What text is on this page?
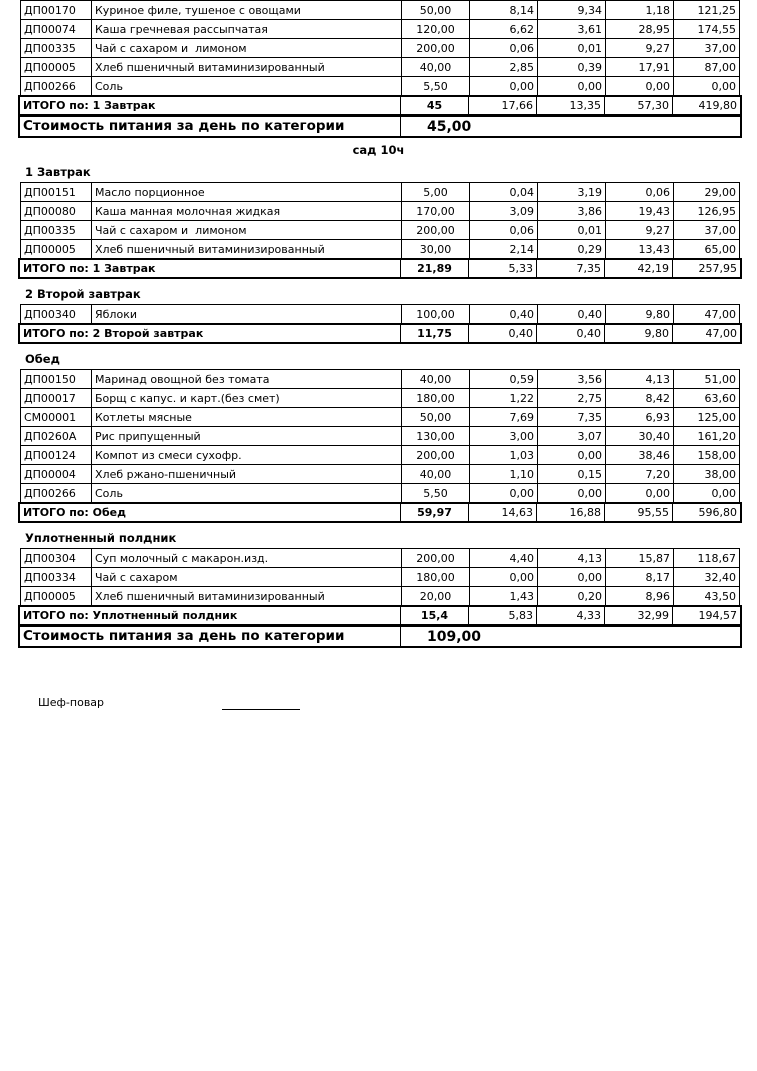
ДП00170	Куриное филе, тушеное с овощами	50,00	8,14	9,34	1,18	121,25
ДП00074	Каша гречневая рассыпчатая	120,00	6,62	3,61	28,95	174,55
ДП00335	Чай с сахаром и  лимоном	200,00	0,06	0,01	9,27	37,00
ДП00005	Хлеб пшеничный витаминизированный	40,00	2,85	0,39	17,91	87,00
ДП00266	Соль	5,50	0,00	0,00	0,00	0,00
ИТОГО по: 1 Завтрак	45	17,66	13,35	57,30	419,80
Стоимость питания за день по категории	45,00
сад 10ч
1 Завтрак
ДП00151	Масло порционное	5,00	0,04	3,19	0,06	29,00
ДП00080	Каша манная молочная жидкая	170,00	3,09	3,86	19,43	126,95
ДП00335	Чай с сахаром и  лимоном	200,00	0,06	0,01	9,27	37,00
ДП00005	Хлеб пшеничный витаминизированный	30,00	2,14	0,29	13,43	65,00
ИТОГО по: 1 Завтрак	21,89	5,33	7,35	42,19	257,95
2 Второй завтрак
ДП00340	Яблоки	100,00	0,40	0,40	9,80	47,00
ИТОГО по: 2 Второй завтрак	11,75	0,40	0,40	9,80	47,00
Обед
ДП00150	Маринад овощной без томата	40,00	0,59	3,56	4,13	51,00
ДП00017	Борщ с капус. и карт.(без смет)	180,00	1,22	2,75	8,42	63,60
СМ00001	Котлеты мясные	50,00	7,69	7,35	6,93	125,00
ДП0260А	Рис припущенный	130,00	3,00	3,07	30,40	161,20
ДП00124	Компот из смеси сухофр.	200,00	1,03	0,00	38,46	158,00
ДП00004	Хлеб ржано-пшеничный	40,00	1,10	0,15	7,20	38,00
ДП00266	Соль	5,50	0,00	0,00	0,00	0,00
ИТОГО по: Обед	59,97	14,63	16,88	95,55	596,80
Уплотненный полдник
ДП00304	Суп молочный с макарон.изд.	200,00	4,40	4,13	15,87	118,67
ДП00334	Чай с сахаром	180,00	0,00	0,00	8,17	32,40
ДП00005	Хлеб пшеничный витаминизированный	20,00	1,43	0,20	8,96	43,50
ИТОГО по: Уплотненный полдник	15,4	5,83	4,33	32,99	194,57
Стоимость питания за день по категории	109,00
Шеф-повар
